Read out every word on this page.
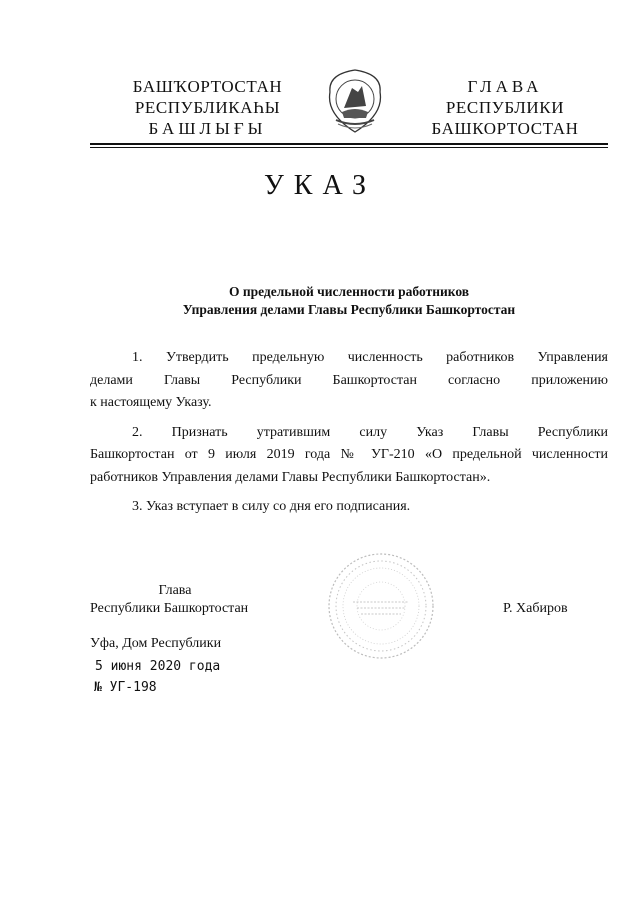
БАШҠОРТОСТАН
РЕСПУБЛИКАҺЫ
БАШЛЫҒЫ
ГЛАВА
РЕСПУБЛИКИ
БАШКОРТОСТАН
УКАЗ
О предельной численности работников
Управления делами Главы Республики Башкортостан

1. Утвердить предельную численность работников Управления
делами Главы Республики Башкортостан согласно приложению
к настоящему Указу.

2. Признать утратившим силу Указ Главы Республики
Башкортостан от 9 июля 2019 года № УГ-210 «О предельной численности
работников Управления делами Главы Республики Башкортостан».

3. Указ вступает в силу со дня его подписания.

Глава
Республики Башкортостан	Р. Хабиров
Уфа, Дом Республики
5 июня 2020 года
№ УГ-198
